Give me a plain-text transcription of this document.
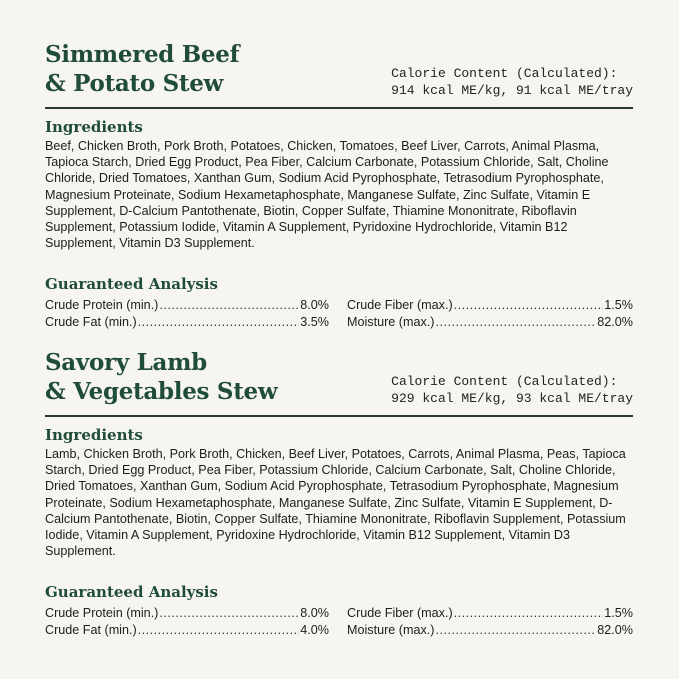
Simmered Beef
& Potato Stew	Calorie Content (Calculated):
914 kcal ME/kg, 91 kcal ME/tray
Ingredients

Beef, Chicken Broth, Pork Broth, Potatoes, Chicken, Tomatoes, Beef Liver, Carrots, Animal Plasma, Tapioca Starch, Dried Egg Product, Pea Fiber, Calcium Carbonate, Potassium Chloride, Salt, Choline Chloride, Dried Tomatoes, Xanthan Gum, Sodium Acid Pyrophosphate, Tetrasodium Pyrophosphate, Magnesium Proteinate, Sodium Hexametaphosphate, Manganese Sulfate, Zinc Sulfate, Vitamin E Supplement, D-Calcium Pantothenate, Biotin, Copper Sulfate, Thiamine Mononitrate, Riboflavin Supplement, Potassium Iodide, Vitamin A Supplement, Pyridoxine Hydrochloride, Vitamin B12 Supplement, Vitamin D3 Supplement.

Guaranteed Analysis
Crude Protein (min.) .....	8.0%
Crude Fat (min.) .....	3.5%
Crude Fiber (max.) .....	1.5%
Moisture (max.) .....	82.0%
Savory Lamb
& Vegetables Stew	Calorie Content (Calculated):
929 kcal ME/kg, 93 kcal ME/tray
Ingredients

Lamb, Chicken Broth, Pork Broth, Chicken, Beef Liver, Potatoes, Carrots, Animal Plasma, Peas, Tapioca Starch, Dried Egg Product, Pea Fiber, Potassium Chloride, Calcium Carbonate, Salt, Choline Chloride, Dried Tomatoes, Xanthan Gum, Sodium Acid Pyrophosphate, Tetrasodium Pyrophosphate, Magnesium Proteinate, Sodium Hexametaphosphate, Manganese Sulfate, Zinc Sulfate, Vitamin E Supplement, D-Calcium Pantothenate, Biotin, Copper Sulfate, Thiamine Mononitrate, Riboflavin Supplement, Potassium Iodide, Vitamin A Supplement, Pyridoxine Hydrochloride, Vitamin B12 Supplement, Vitamin D3 Supplement.

Guaranteed Analysis
Crude Protein (min.) .....	8.0%
Crude Fat (min.) .....	4.0%
Crude Fiber (max.) .....	1.5%
Moisture (max.) .....	82.0%
